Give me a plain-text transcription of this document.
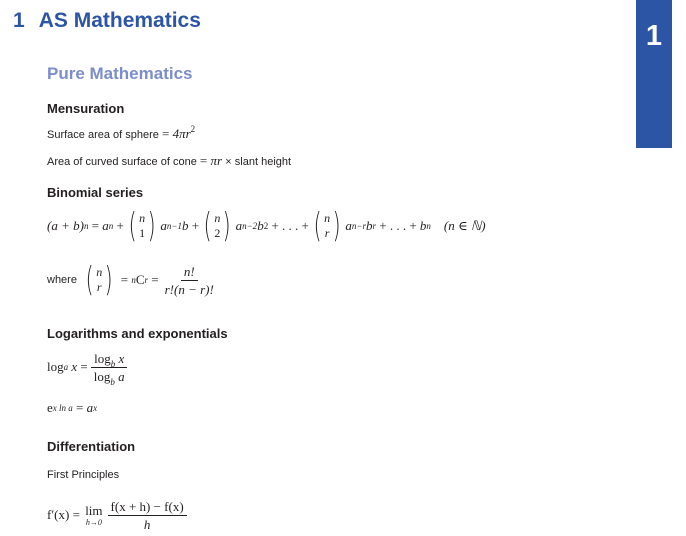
1
1 AS Mathematics
Pure Mathematics
Mensuration
Surface area of sphere = $4\pi r^2$
Area of curved surface of cone = πr × slant height
Binomial series
(a + b) n
=
a n
+ ( n
1 ) a n−1 b
+ ( n
2 ) a n−2 b 2
+ . . . + ( n
r ) a n−r b r
+ . . . +
b n
(n ∈ ℕ)
where ( n
r )
=
n C r
= $\frac{n!}{r!(n - r)!}$
Logarithms and exponentials
log a
x
= $\frac{\log_b x}{\log_b a}$
e x ln a
=
a x
Differentiation
First Principles
f′(x)
=
lim
$h\to 0 \frac{f(x + h) - f(x)}{h}$
